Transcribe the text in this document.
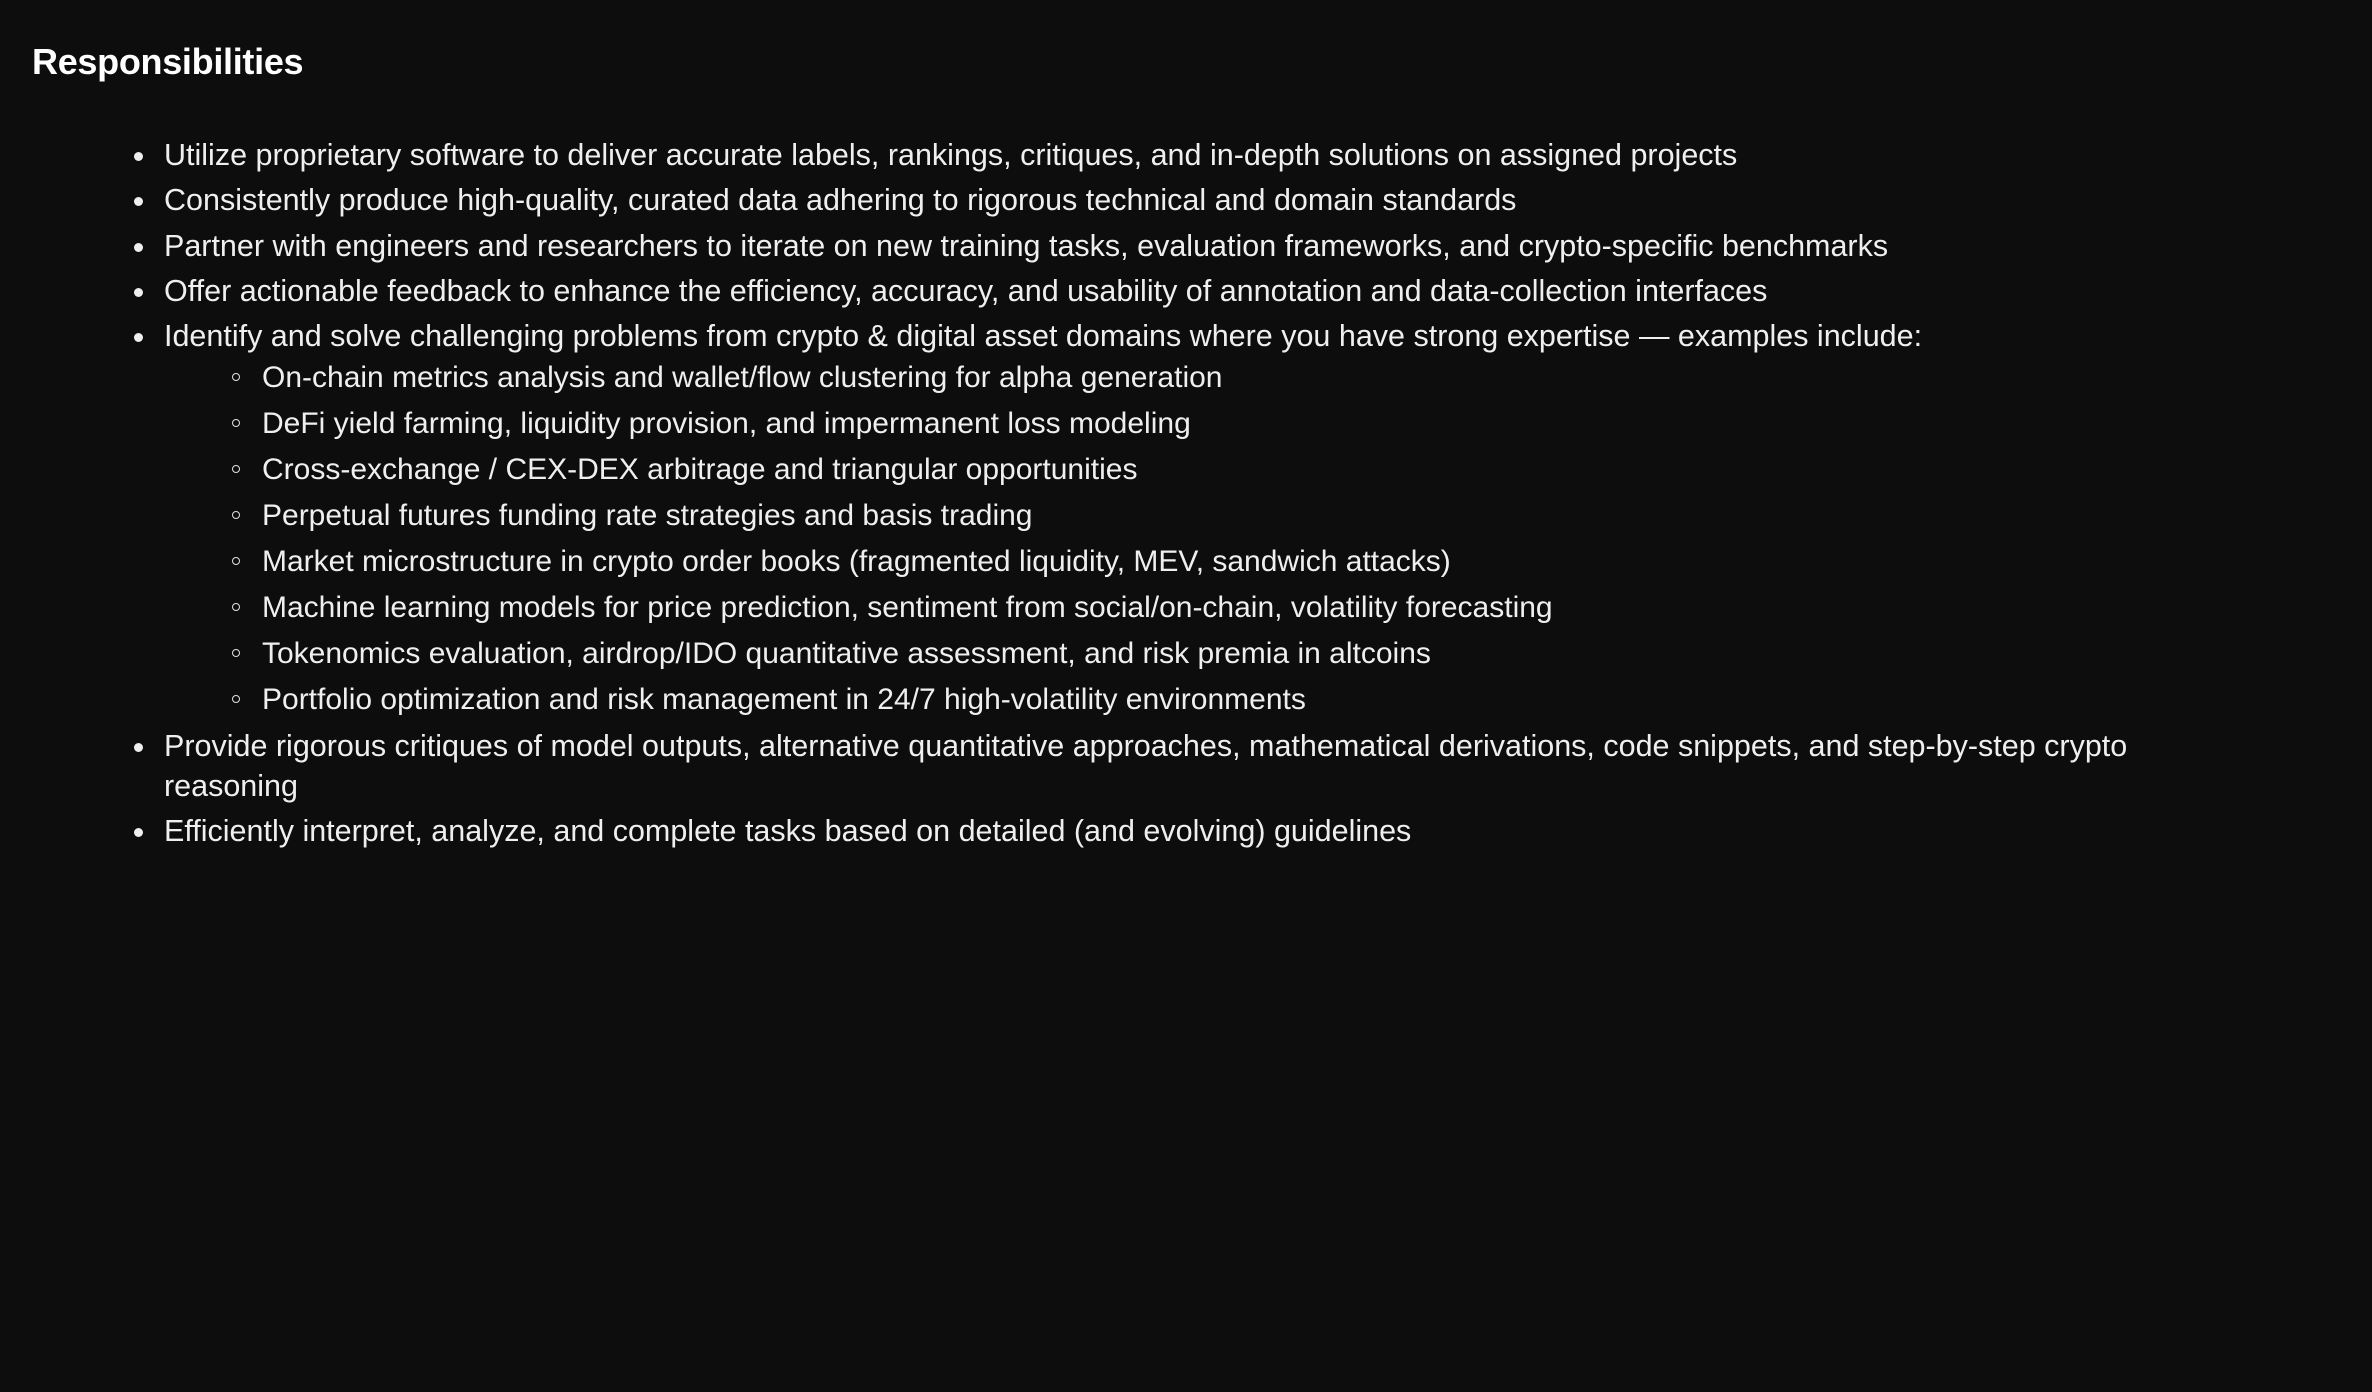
Responsibilities
Utilize proprietary software to deliver accurate labels, rankings, critiques, and in-depth solutions on assigned projects
Consistently produce high-quality, curated data adhering to rigorous technical and domain standards
Partner with engineers and researchers to iterate on new training tasks, evaluation frameworks, and crypto-specific benchmarks
Offer actionable feedback to enhance the efficiency, accuracy, and usability of annotation and data-collection interfaces
Identify and solve challenging problems from crypto & digital asset domains where you have strong expertise — examples include:
On-chain metrics analysis and wallet/flow clustering for alpha generation
DeFi yield farming, liquidity provision, and impermanent loss modeling
Cross-exchange / CEX-DEX arbitrage and triangular opportunities
Perpetual futures funding rate strategies and basis trading
Market microstructure in crypto order books (fragmented liquidity, MEV, sandwich attacks)
Machine learning models for price prediction, sentiment from social/on-chain, volatility forecasting
Tokenomics evaluation, airdrop/IDO quantitative assessment, and risk premia in altcoins
Portfolio optimization and risk management in 24/7 high-volatility environments
Provide rigorous critiques of model outputs, alternative quantitative approaches, mathematical derivations, code snippets, and step-by-step crypto reasoning
Efficiently interpret, analyze, and complete tasks based on detailed (and evolving) guidelines
